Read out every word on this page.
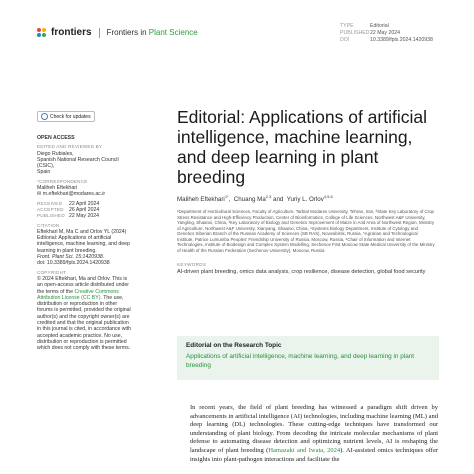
frontiers Frontiers in Plant Science
TYPE	Editorial
PUBLISHED 22 May 2024
DOI	10.3389/fpls.2024.1420938
Check for updates
OPEN ACCESS
EDITED AND REVIEWED BY
Diego Rubiales,
Spanish National Research Council (CSIC),
Spain
*CORRESPONDENCE
Maliheh Eftekhari
✉ m.eftekhari@modares.ac.ir
RECEIVED	22 April 2024
ACCEPTED 26 April 2024
PUBLISHED 22 May 2024
CITATION
Eftekhari M, Ma C and Orlov YL (2024)
Editorial: Applications of artificial
intelligence, machine learning, and deep
learning in plant breeding.
Front. Plant Sci. 15:1420938.
doi: 10.3389/fpls.2024.1420938
COPYRIGHT
© 2024 Eftekhari, Ma and Orlov. This is an open-access article distributed under the terms of the Creative Commons Attribution License (CC BY). The use, distribution or reproduction in other forums is permitted, provided the original author(s) and the copyright owner(s) are credited and that the original publication in this journal is cited, in accordance with accepted academic practice. No use, distribution or reproduction is permitted which does not comply with these terms.
Editorial: Applications of artificial intelligence, machine learning, and deep learning in plant breeding
Maliheh Eftekhari$^{1*}$,  Chuang Ma$^{2,3}$ and  Yuriy L. Orlov$^{4,5,6}$
¹Department of Horticultural Sciences, Faculty of Agriculture, Tarbiat Modares University, Tehran, Iran, ²State Key Laboratory of Crop Stress Resistance and High-Efficiency Production, Center of Bioinformatics, College of Life Sciences, Northwest A&F University, Yangling, Shaanxi, China, ³Key Laboratory of Biology and Genetics Improvement of Maize in Arid Area of Northwest Region, Ministry of Agriculture, Northwest A&F University, Xianyang, Shaanxi, China, ⁴Systems Biology Department, Institute of Cytology and Genetics Siberian Branch of the Russian Academy of Sciences (SB RAS), Novosibirsk, Russia, ⁵Agrarian and Technological Institute, Patrice Lumumba Peoples' Friendship University of Russia, Moscow, Russia, ⁶Chair of Information and Internet Technologies, Institute of Biodesign and Complex System Modelling, Sechenov First Moscow State Medical University of the Ministry of Health of the Russian Federation (Sechenov University), Moscow, Russia
KEYWORDS
AI-driven plant breeding, omics data analysis, crop resilience, disease detection, global food security
Editorial on the Research Topic
Applications of artificial intelligence, machine learning, and deep learning in plant breeding
In recent years, the field of plant breeding has witnessed a paradigm shift driven by advancements in artificial intelligence (AI) technologies, including machine learning (ML) and deep learning (DL) technologies. These cutting-edge techniques have transformed our understanding of plant biology. From decoding the intricate molecular mechanisms of plant defense to automating disease detection and optimizing nutrient levels, AI is reshaping the landscape of plant breeding (Hamazaki and Iwata, 2024). AI-assisted omics techniques offer insights into plant-pathogen interactions and facilitate the
